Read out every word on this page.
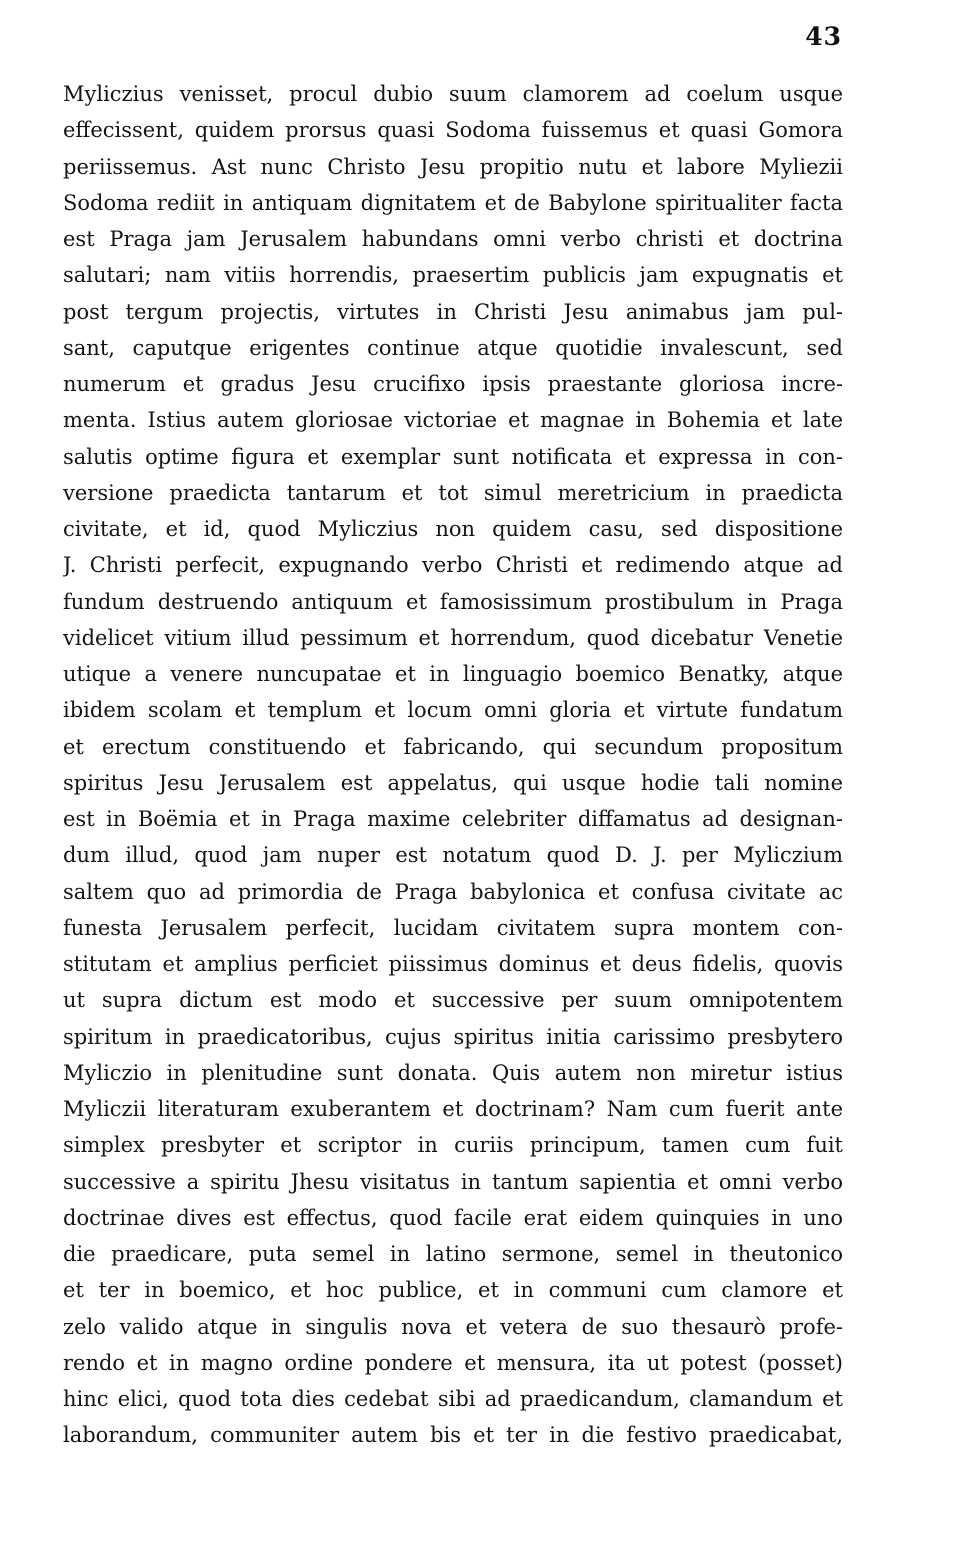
43
Myliczius venisset, procul dubio suum clamorem ad coelum usque
effecissent, quidem prorsus quasi Sodoma fuissemus et quasi Gomora
periissemus. Ast nunc Christo Jesu propitio nutu et labore Myliezii
Sodoma rediit in antiquam dignitatem et de Babylone spiritualiter facta
est Praga jam Jerusalem habundans omni verbo christi et doctrina
salutari; nam vitiis horrendis, praesertim publicis jam expugnatis et
post tergum projectis, virtutes in Christi Jesu animabus jam pul-
sant, caputque erigentes continue atque quotidie invalescunt, sed
numerum et gradus Jesu crucifixo ipsis praestante gloriosa incre-
menta. Istius autem gloriosae victoriae et magnae in Bohemia et late
salutis optime figura et exemplar sunt notificata et expressa in con-
versione praedicta tantarum et tot simul meretricium in praedicta
civitate, et id, quod Myliczius non quidem casu, sed dispositione
J. Christi perfecit, expugnando verbo Christi et redimendo atque ad
fundum destruendo antiquum et famosissimum prostibulum in Praga
videlicet vitium illud pessimum et horrendum, quod dicebatur Venetie
utique a venere nuncupatae et in linguagio boemico Benatky, atque
ibidem scolam et templum et locum omni gloria et virtute fundatum
et erectum constituendo et fabricando, qui secundum propositum
spiritus Jesu Jerusalem est appelatus, qui usque hodie tali nomine
est in Boëmia et in Praga maxime celebriter diffamatus ad designan-
dum illud, quod jam nuper est notatum quod D. J. per Myliczium
saltem quo ad primordia de Praga babylonica et confusa civitate ac
funesta Jerusalem perfecit, lucidam civitatem supra montem con-
stitutam et amplius perficiet piissimus dominus et deus fidelis, quovis
ut supra dictum est modo et successive per suum omnipotentem
spiritum in praedicatoribus, cujus spiritus initia carissimo presbytero
Myliczio in plenitudine sunt donata. Quis autem non miretur istius
Myliczii literaturam exuberantem et doctrinam? Nam cum fuerit ante
simplex presbyter et scriptor in curiis principum, tamen cum fuit
successive a spiritu Jhesu visitatus in tantum sapientia et omni verbo
doctrinae dives est effectus, quod facile erat eidem quinquies in uno
die praedicare, puta semel in latino sermone, semel in theutonico
et ter in boemico, et hoc publice, et in communi cum clamore et
zelo valido atque in singulis nova et vetera de suo thesaurò profe-
rendo et in magno ordine pondere et mensura, ita ut potest (posset)
hinc elici, quod tota dies cedebat sibi ad praedicandum, clamandum et
laborandum, communiter autem bis et ter in die festivo praedicabat,
